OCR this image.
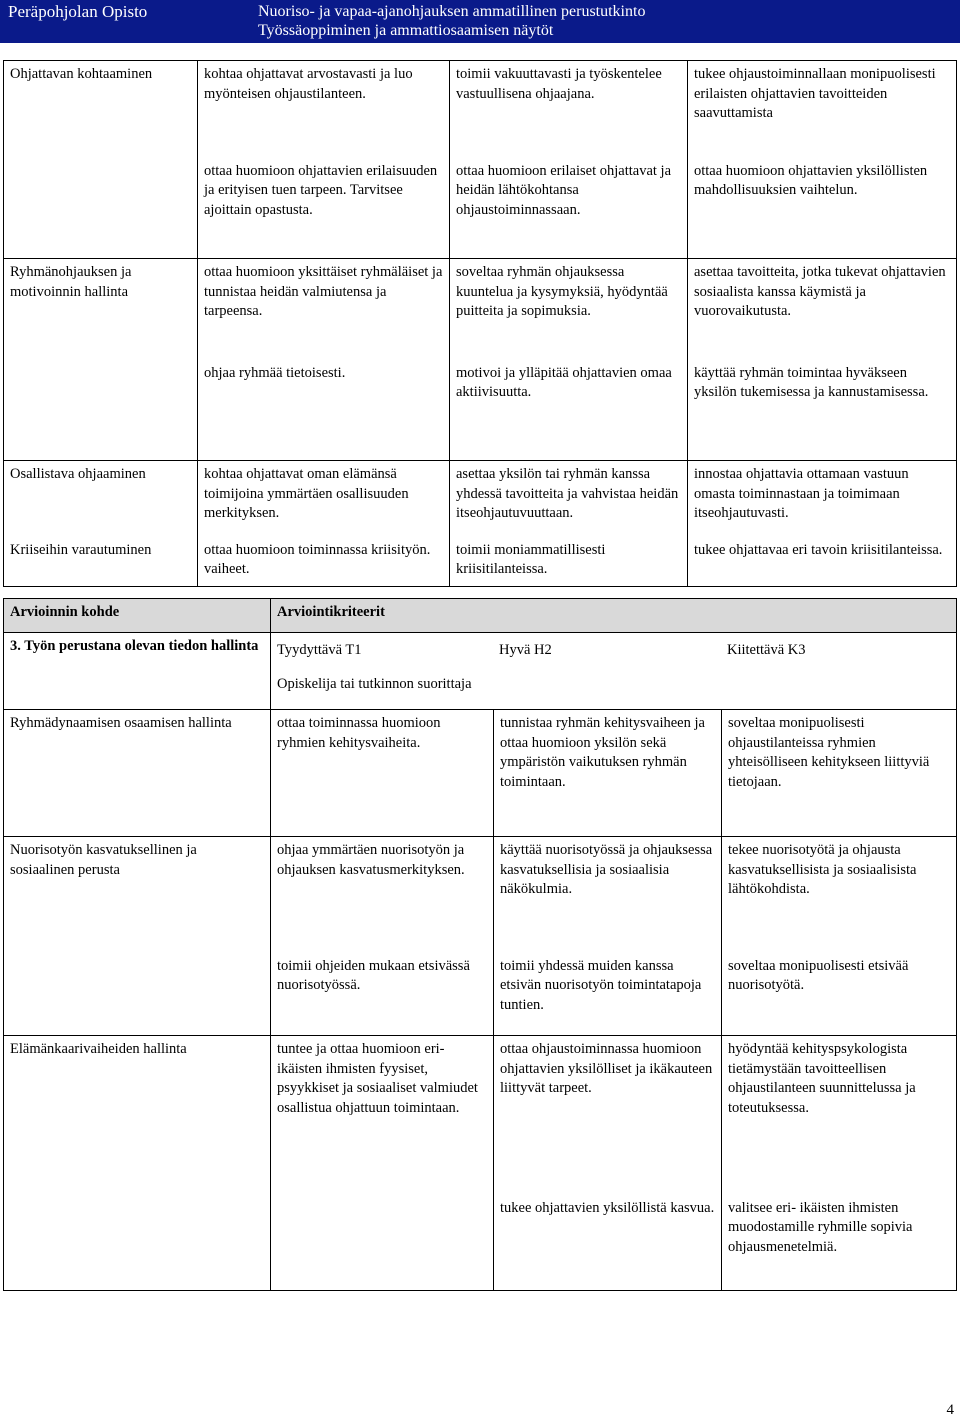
Peräpohjolan Opisto	Nuoriso- ja vapaa-ajanohjauksen ammatillinen perustutkinto
Työssäoppiminen ja ammattiosaamisen näytöt
Ohjattavan kohtaaminen	kohtaa ohjattavat arvostavasti ja luo myönteisen ohjaustilanteen.	toimii vakuuttavasti ja työskentelee vastuullisena ohjaajana.	tukee ohjaustoiminnallaan monipuolisesti erilaisten ohjattavien tavoitteiden saavuttamista
	ottaa huomioon ohjattavien erilaisuuden ja erityisen tuen tarpeen. Tarvitsee ajoittain opastusta.	ottaa huomioon erilaiset ohjattavat ja heidän lähtökohtansa ohjaustoiminnassaan.	ottaa huomioon ohjattavien yksilöllisten mahdollisuuksien vaihtelun.
Ryhmänohjauksen ja motivoinnin hallinta	ottaa huomioon yksittäiset ryhmäläiset ja tunnistaa heidän valmiutensa ja tarpeensa.	soveltaa ryhmän ohjauksessa kuuntelua ja kysymyksiä, hyödyntää puitteita ja sopimuksia.	asettaa tavoitteita, jotka tukevat ohjattavien sosiaalista kanssa käymistä ja vuorovaikutusta.
	ohjaa ryhmää tietoisesti.	motivoi ja ylläpitää ohjattavien omaa aktiivisuutta.	käyttää ryhmän toimintaa hyväkseen yksilön tukemisessa ja kannustamisessa.
Osallistava ohjaaminen	kohtaa ohjattavat oman elämänsä toimijoina ymmärtäen osallisuuden merkityksen.	asettaa yksilön tai ryhmän kanssa yhdessä tavoitteita ja vahvistaa heidän itseohjautuvuuttaan.	innostaa ohjattavia ottamaan vastuun omasta toiminnastaan ja toimimaan itseohjautuvasti.
Kriiseihin varautuminen	ottaa huomioon toiminnassa kriisityön. vaiheet.	toimii moniammatillisesti kriisitilanteissa.	tukee ohjattavaa eri tavoin kriisitilanteissa.
Arvioinnin kohde	Arviointikriteerit		
3. Työn perustana olevan tiedon hallinta	Tyydyttävä T1 Hyvä H2 Kiitettävä K3
Opiskelija tai tutkinnon suorittaja		

Ryhmädynaamisen osaamisen hallinta	ottaa toiminnassa huomioon ryhmien kehitysvaiheita.	tunnistaa ryhmän kehitysvaiheen ja ottaa huomioon yksilön sekä ympäristön vaikutuksen ryhmän toimintaan.	soveltaa monipuolisesti ohjaustilanteissa ryhmien yhteisölliseen kehitykseen liittyviä tietojaan.
Nuorisotyön kasvatuksellinen ja sosiaalinen perusta	ohjaa ymmärtäen nuorisotyön ja ohjauksen kasvatusmerkityksen.	käyttää nuorisotyössä ja ohjauksessa kasvatuksellisia ja sosiaalisia näkökulmia.	tekee nuorisotyötä ja ohjausta kasvatuksellisista ja sosiaalisista lähtökohdista.
	toimii ohjeiden mukaan etsivässä nuorisotyössä.	toimii yhdessä muiden kanssa etsivän nuorisotyön toimintatapoja tuntien.	soveltaa monipuolisesti etsivää nuorisotyötä.
Elämänkaarivaiheiden hallinta	tuntee ja ottaa huomioon eri-ikäisten ihmisten fyysiset, psyykkiset ja sosiaaliset valmiudet osallistua ohjattuun toimintaan.	ottaa ohjaustoiminnassa huomioon ohjattavien yksilölliset ja ikäkauteen liittyvät tarpeet.	hyödyntää kehityspsykologista tietämystään tavoitteellisen ohjaustilanteen suunnittelussa ja toteutuksessa.
		tukee ohjattavien yksilöllistä kasvua.	valitsee eri- ikäisten ihmisten muodostamille ryhmille sopivia ohjausmenetelmiä.
4
